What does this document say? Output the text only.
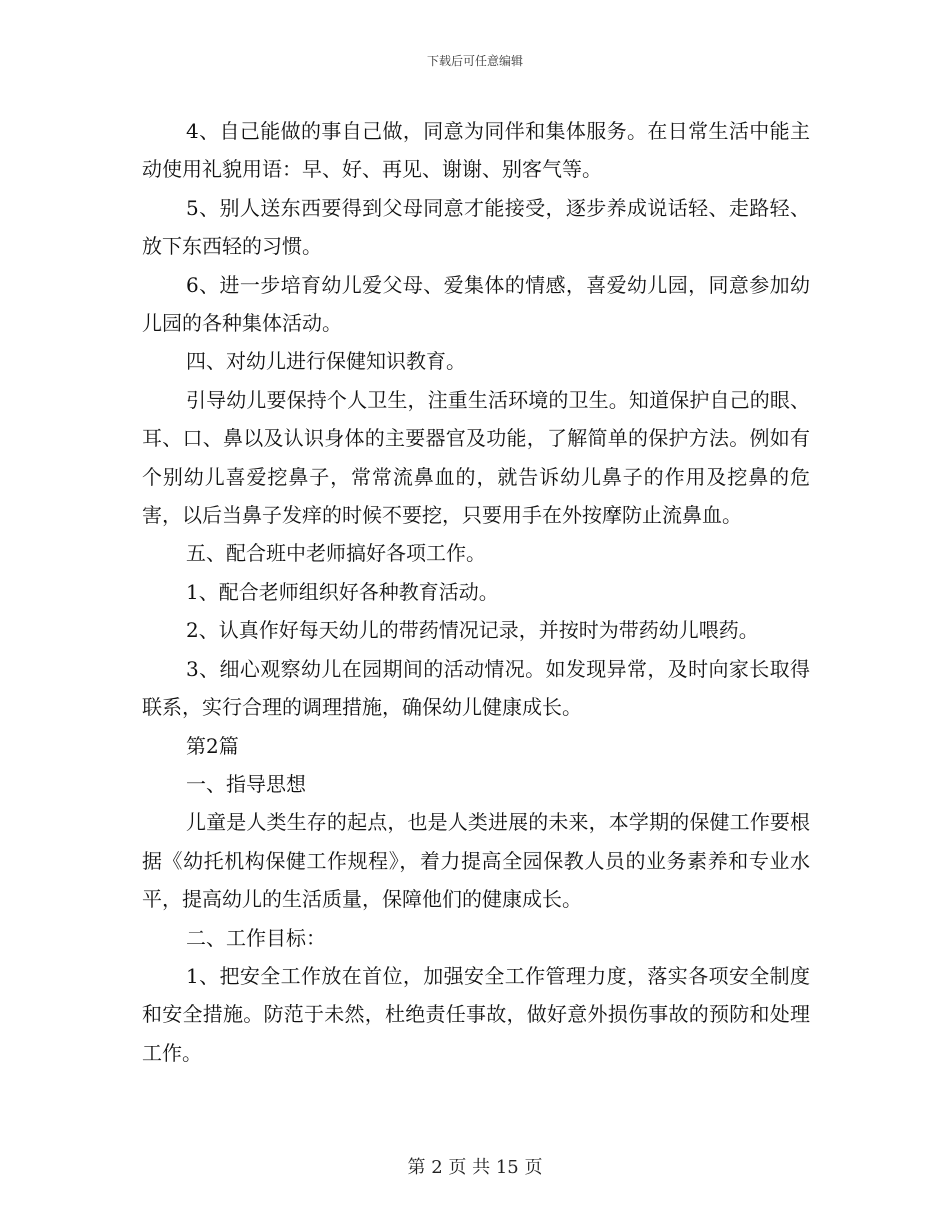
下载后可任意编辑

4、自己能做的事自己做，同意为同伴和集体服务。在日常生活中能主动使用礼貌用语：早、好、再见、谢谢、别客气等。

5、别人送东西要得到父母同意才能接受，逐步养成说话轻、走路轻、放下东西轻的习惯。

6、进一步培育幼儿爱父母、爱集体的情感，喜爱幼儿园，同意参加幼儿园的各种集体活动。

四、对幼儿进行保健知识教育。

引导幼儿要保持个人卫生，注重生活环境的卫生。知道保护自己的眼、耳、口、鼻以及认识身体的主要器官及功能，了解简单的保护方法。例如有个别幼儿喜爱挖鼻子，常常流鼻血的，就告诉幼儿鼻子的作用及挖鼻的危害，以后当鼻子发痒的时候不要挖，只要用手在外按摩防止流鼻血。

五、配合班中老师搞好各项工作。

1、配合老师组织好各种教育活动。

2、认真作好每天幼儿的带药情况记录，并按时为带药幼儿喂药。

3、细心观察幼儿在园期间的活动情况。如发现异常，及时向家长取得联系，实行合理的调理措施，确保幼儿健康成长。

第2篇

一、指导思想

儿童是人类生存的起点，也是人类进展的未来，本学期的保健工作要根据《幼托机构保健工作规程》，着力提高全园保教人员的业务素养和专业水平，提高幼儿的生活质量，保障他们的健康成长。

二、工作目标：

1、把安全工作放在首位，加强安全工作管理力度，落实各项安全制度和安全措施。防范于未然，杜绝责任事故，做好意外损伤事故的预防和处理工作。

第 2 页 共 15 页
